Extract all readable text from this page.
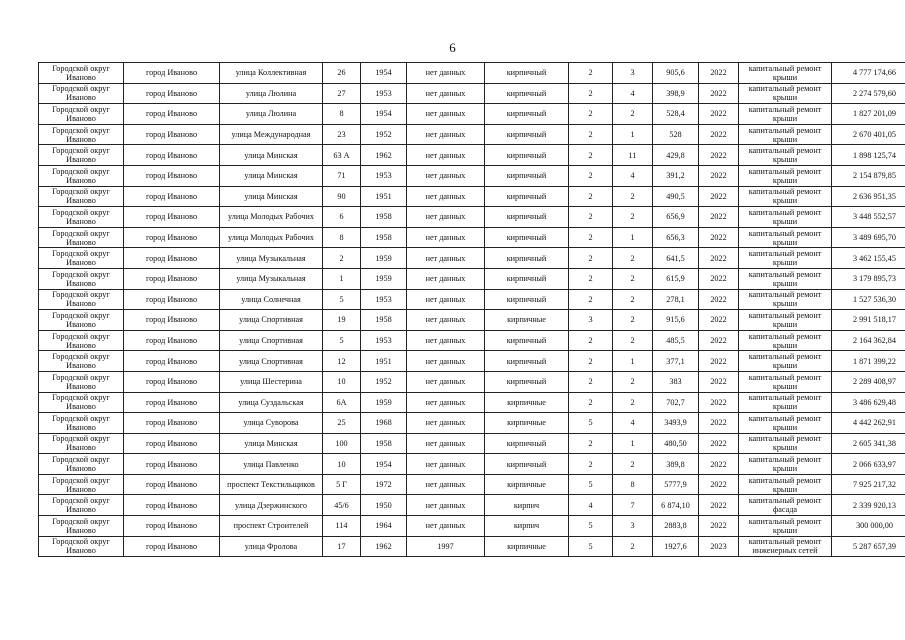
6
Городской округ Иваново	город Иваново	улица Коллективная	26	1954	нет данных	кирпичный	2	3	905,6	2022	капитальный ремонт крыши	4 777 174,66
Городской округ Иваново	город Иваново	улица Люлина	27	1953	нет данных	кирпичный	2	4	398,9	2022	капитальный ремонт крыши	2 274 579,60
Городской округ Иваново	город Иваново	улица Люлина	8	1954	нет данных	кирпичный	2	2	528,4	2022	капитальный ремонт крыши	1 827 201,09
Городской округ Иваново	город Иваново	улица Международная	23	1952	нет данных	кирпичный	2	1	528	2022	капитальный ремонт крыши	2 670 401,05
Городской округ Иваново	город Иваново	улица Минская	63 А	1962	нет данных	кирпичный	2	11	429,8	2022	капитальный ремонт крыши	1 898 125,74
Городской округ Иваново	город Иваново	улица Минская	71	1953	нет данных	кирпичный	2	4	391,2	2022	капитальный ремонт крыши	2 154 879,85
Городской округ Иваново	город Иваново	улица Минская	90	1951	нет данных	кирпичный	2	2	490,5	2022	капитальный ремонт крыши	2 636 951,35
Городской округ Иваново	город Иваново	улица Молодых Рабочих	6	1958	нет данных	кирпичный	2	2	656,9	2022	капитальный ремонт крыши	3 448 552,57
Городской округ Иваново	город Иваново	улица Молодых Рабочих	8	1958	нет данных	кирпичный	2	1	656,3	2022	капитальный ремонт крыши	3 489 695,70
Городской округ Иваново	город Иваново	улица Музыкальная	2	1959	нет данных	кирпичный	2	2	641,5	2022	капитальный ремонт крыши	3 462 155,45
Городской округ Иваново	город Иваново	улица Музыкальная	1	1959	нет данных	кирпичный	2	2	615,9	2022	капитальный ремонт крыши	3 179 895,73
Городской округ Иваново	город Иваново	улица Солнечная	5	1953	нет данных	кирпичный	2	2	278,1	2022	капитальный ремонт крыши	1 527 536,30
Городской округ Иваново	город Иваново	улица Спортивная	19	1958	нет данных	кирпичные	3	2	915,6	2022	капитальный ремонт крыши	2 991 518,17
Городской округ Иваново	город Иваново	улица Спортивная	5	1953	нет данных	кирпичный	2	2	485,5	2022	капитальный ремонт крыши	2 164 362,84
Городской округ Иваново	город Иваново	улица Спортивная	12	1951	нет данных	кирпичный	2	1	377,1	2022	капитальный ремонт крыши	1 871 399,22
Городской округ Иваново	город Иваново	улица Шестерина	10	1952	нет данных	кирпичный	2	2	383	2022	капитальный ремонт крыши	2 289 408,97
Городской округ Иваново	город Иваново	улица Суздальская	6А	1959	нет данных	кирпичные	2	2	702,7	2022	капитальный ремонт крыши	3 486 629,48
Городской округ Иваново	город Иваново	улица Суворова	25	1968	нет данных	кирпичные	5	4	3493,9	2022	капитальный ремонт крыши	4 442 262,91
Городской округ Иваново	город Иваново	улица Минская	100	1958	нет данных	кирпичный	2	1	480,50	2022	капитальный ремонт крыши	2 605 341,38
Городской округ Иваново	город Иваново	улица Павленко	10	1954	нет данных	кирпичный	2	2	389,8	2022	капитальный ремонт крыши	2 066 633,97
Городской округ Иваново	город Иваново	проспект Текстильщиков	5 Г	1972	нет данных	кирпичные	5	8	5777,9	2022	капитальный ремонт крыши	7 925 217,32
Городской округ Иваново	город Иваново	улица Дзержинского	45/6	1950	нет данных	кирпич	4	7	6 874,10	2022	капитальный ремонт фасада	2 339 920,13
Городской округ Иваново	город Иваново	проспект Строителей	114	1964	нет данных	кирпич	5	3	2883,8	2022	капитальный ремонт крыши	300 000,00
Городской округ Иваново	город Иваново	улица Фролова	17	1962	1997	кирпичные	5	2	1927,6	2023	капитальный ремонт инженерных сетей	5 287 657,39
